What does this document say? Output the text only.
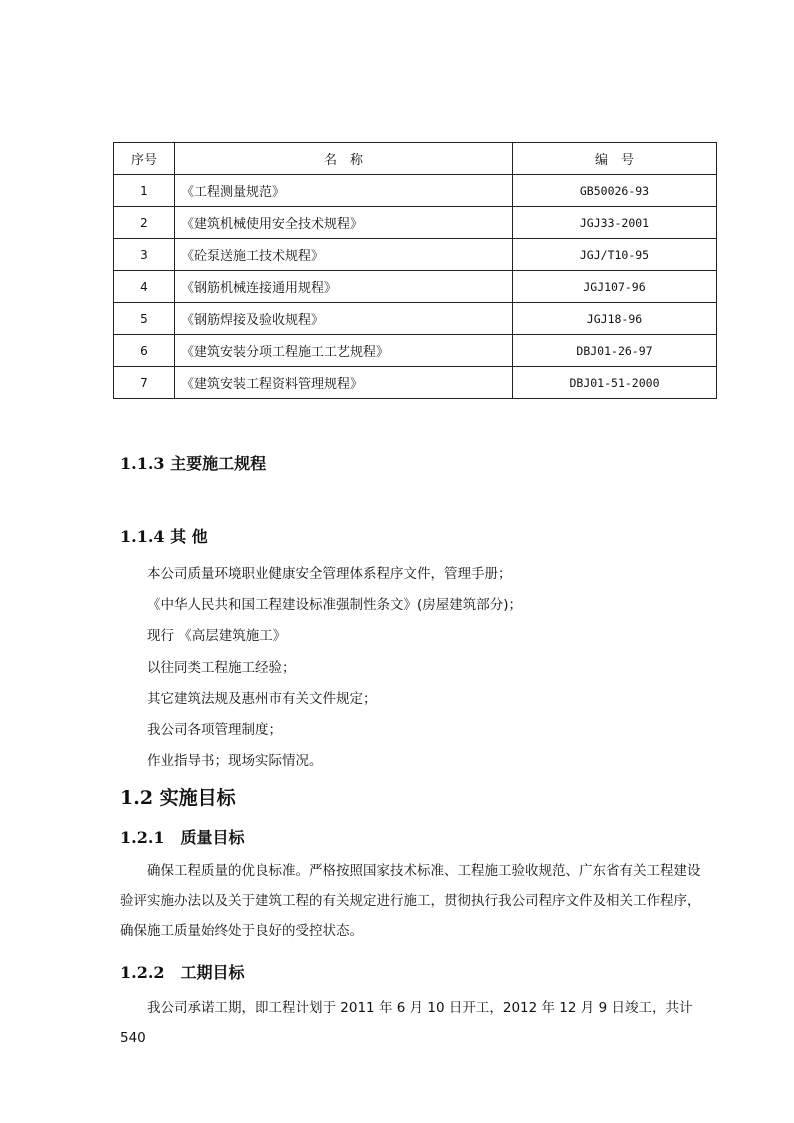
序号	名　称	编　号
1	《工程测量规范》	GB50026-93
2	《建筑机械使用安全技术规程》	JGJ33-2001
3	《砼泵送施工技术规程》	JGJ/T10-95
4	《钢筋机械连接通用规程》	JGJ107-96
5	《钢筋焊接及验收规程》	JGJ18-96
6	《建筑安装分项工程施工工艺规程》	DBJ01-26-97
7	《建筑安装工程资料管理规程》	DBJ01-51-2000
1.1.3 主要施工规程
1.1.4 其 他

本公司质量环境职业健康安全管理体系程序文件，管理手册；

《中华人民共和国工程建设标准强制性条文》(房屋建筑部分)；

现行 《高层建筑施工》

以往同类工程施工经验；

其它建筑法规及惠州市有关文件规定；

我公司各项管理制度；

作业指导书；现场实际情况。

1.2 实施目标
1.2.1　质量目标

确保工程质量的优良标准。严格按照国家技术标准、工程施工验收规范、广东省有关工程建设验评实施办法以及关于建筑工程的有关规定进行施工，贯彻执行我公司程序文件及相关工作程序，确保施工质量始终处于良好的受控状态。

1.2.2　工期目标

我公司承诺工期，即工程计划于 2011 年 6 月 10 日开工，2012 年 12 月 9 日竣工，共计 540
